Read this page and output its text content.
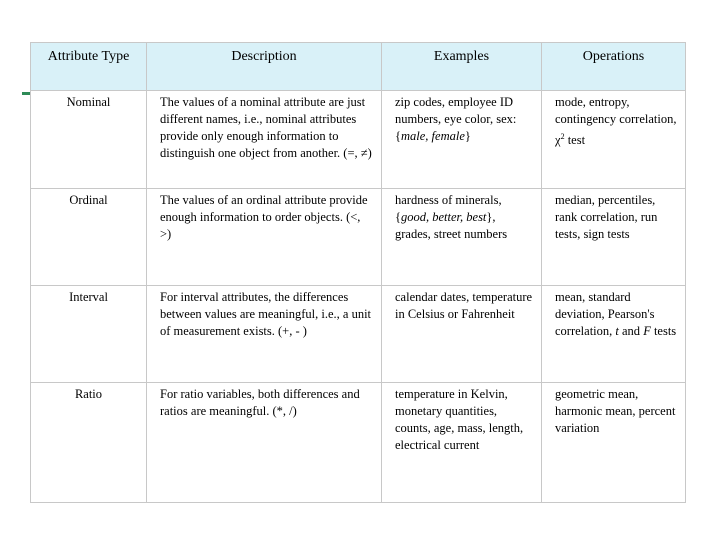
Attribute Type	Description	Examples	Operations
Nominal	The values of a nominal attribute are just different names, i.e., nominal attributes provide only enough information to distinguish one object from another. (=, ≠)	zip codes, employee ID numbers, eye color, sex: {male, female}	mode, entropy, contingency correlation, $\chi^2$ test
Ordinal	The values of an ordinal attribute provide enough information to order objects. (<, >)	hardness of minerals, {good, better, best}, grades, street numbers	median, percentiles, rank correlation, run tests, sign tests
Interval	For interval attributes, the differences between values are meaningful, i.e., a unit of measurement exists. (+, - )	calendar dates, temperature in Celsius or Fahrenheit	mean, standard deviation, Pearson's correlation, t and F tests
Ratio	For ratio variables, both differences and ratios are meaningful. (*, /)	temperature in Kelvin, monetary quantities, counts, age, mass, length, electrical current	geometric mean, harmonic mean, percent variation
